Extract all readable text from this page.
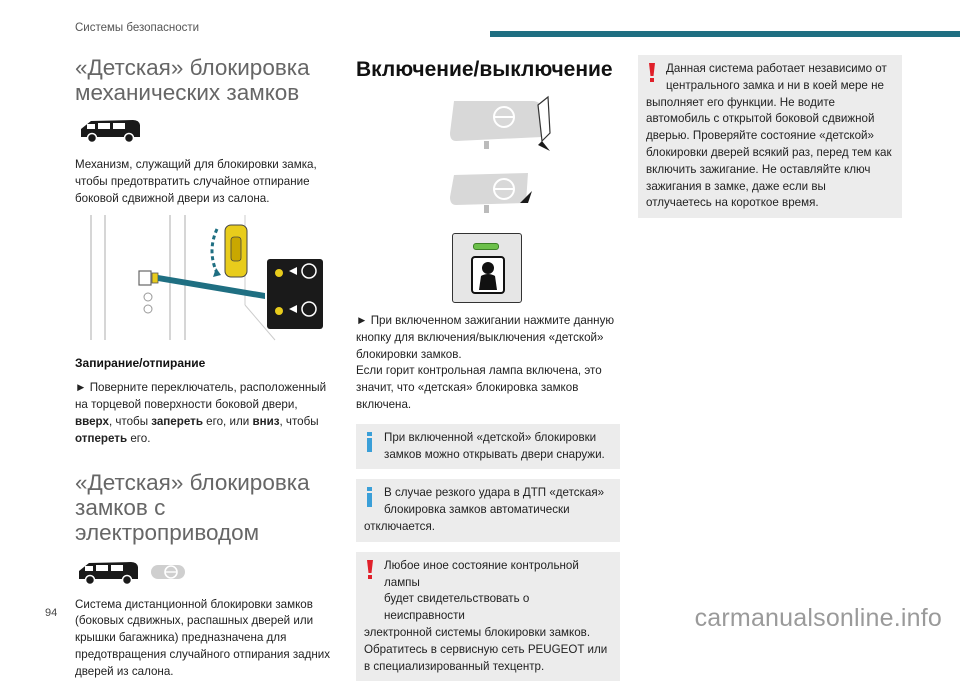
Системы безопасности
«Детская» блокировка
механических замков
Механизм, служащий для блокировки замка, чтобы предотвратить случайное отпирание боковой сдвижной двери из салона.
Запирание/отпирание
► Поверните переключатель, расположенный на торцевой поверхности боковой двери, вверх, чтобы запереть его, или вниз, чтобы отпереть его.
«Детская» блокировка
замков с электроприводом
Система дистанционной блокировки замков (боковых сдвижных, распашных дверей или крышки багажника) предназначена для предотвращения случайного отпирания задних дверей из салона.
Включение/выключение
► При включенном зажигании нажмите данную кнопку для включения/выключения «детской» блокировки замков.
Если горит контрольная лампа включена, это значит, что «детская» блокировка замков включена.
При включенной «детской» блокировки
замков можно открывать двери снаружи.
В случае резкого удара в ДТП «детская»
блокировка замков автоматически
отключается.
Любое иное состояние контрольной лампы
будет свидетельствовать о неисправности
электронной системы блокировки замков. Обратитесь в сервисную сеть PEUGEOT или в специализированный техцентр.
Данная система работает независимо от
центрального замка и ни в коей мере не
выполняет его функции. Не водите автомобиль с открытой боковой сдвижной дверью. Проверяйте состояние «детской» блокировки дверей всякий раз, перед тем как включить зажигание. Не оставляйте ключ зажигания в замке, даже если вы отлучаетесь на короткое время.
94	carmanualsonline.info
